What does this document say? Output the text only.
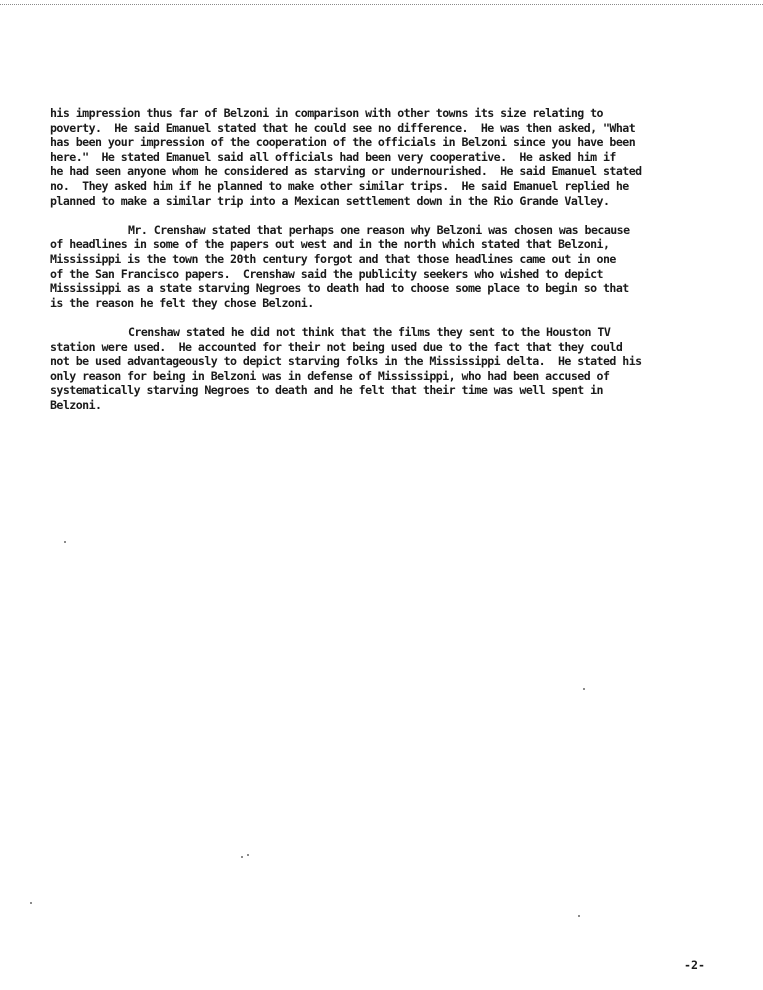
his impression thus far of Belzoni in comparison with other towns its size relating to
poverty.  He said Emanuel stated that he could see no difference.  He was then asked, "What
has been your impression of the cooperation of the officials in Belzoni since you have been
here."  He stated Emanuel said all officials had been very cooperative.  He asked him if
he had seen anyone whom he considered as starving or undernourished.  He said Emanuel stated
no.  They asked him if he planned to make other similar trips.  He said Emanuel replied he
planned to make a similar trip into a Mexican settlement down in the Rio Grande Valley.
Mr. Crenshaw stated that perhaps one reason why Belzoni was chosen was because
of headlines in some of the papers out west and in the north which stated that Belzoni,
Mississippi is the town the 20th century forgot and that those headlines came out in one
of the San Francisco papers.  Crenshaw said the publicity seekers who wished to depict
Mississippi as a state starving Negroes to death had to choose some place to begin so that
is the reason he felt they chose Belzoni.
Crenshaw stated he did not think that the films they sent to the Houston TV
station were used.  He accounted for their not being used due to the fact that they could
not be used advantageously to depict starving folks in the Mississippi delta.  He stated his
only reason for being in Belzoni was in defense of Mississippi, who had been accused of
systematically starving Negroes to death and he felt that their time was well spent in
Belzoni.
-2-
